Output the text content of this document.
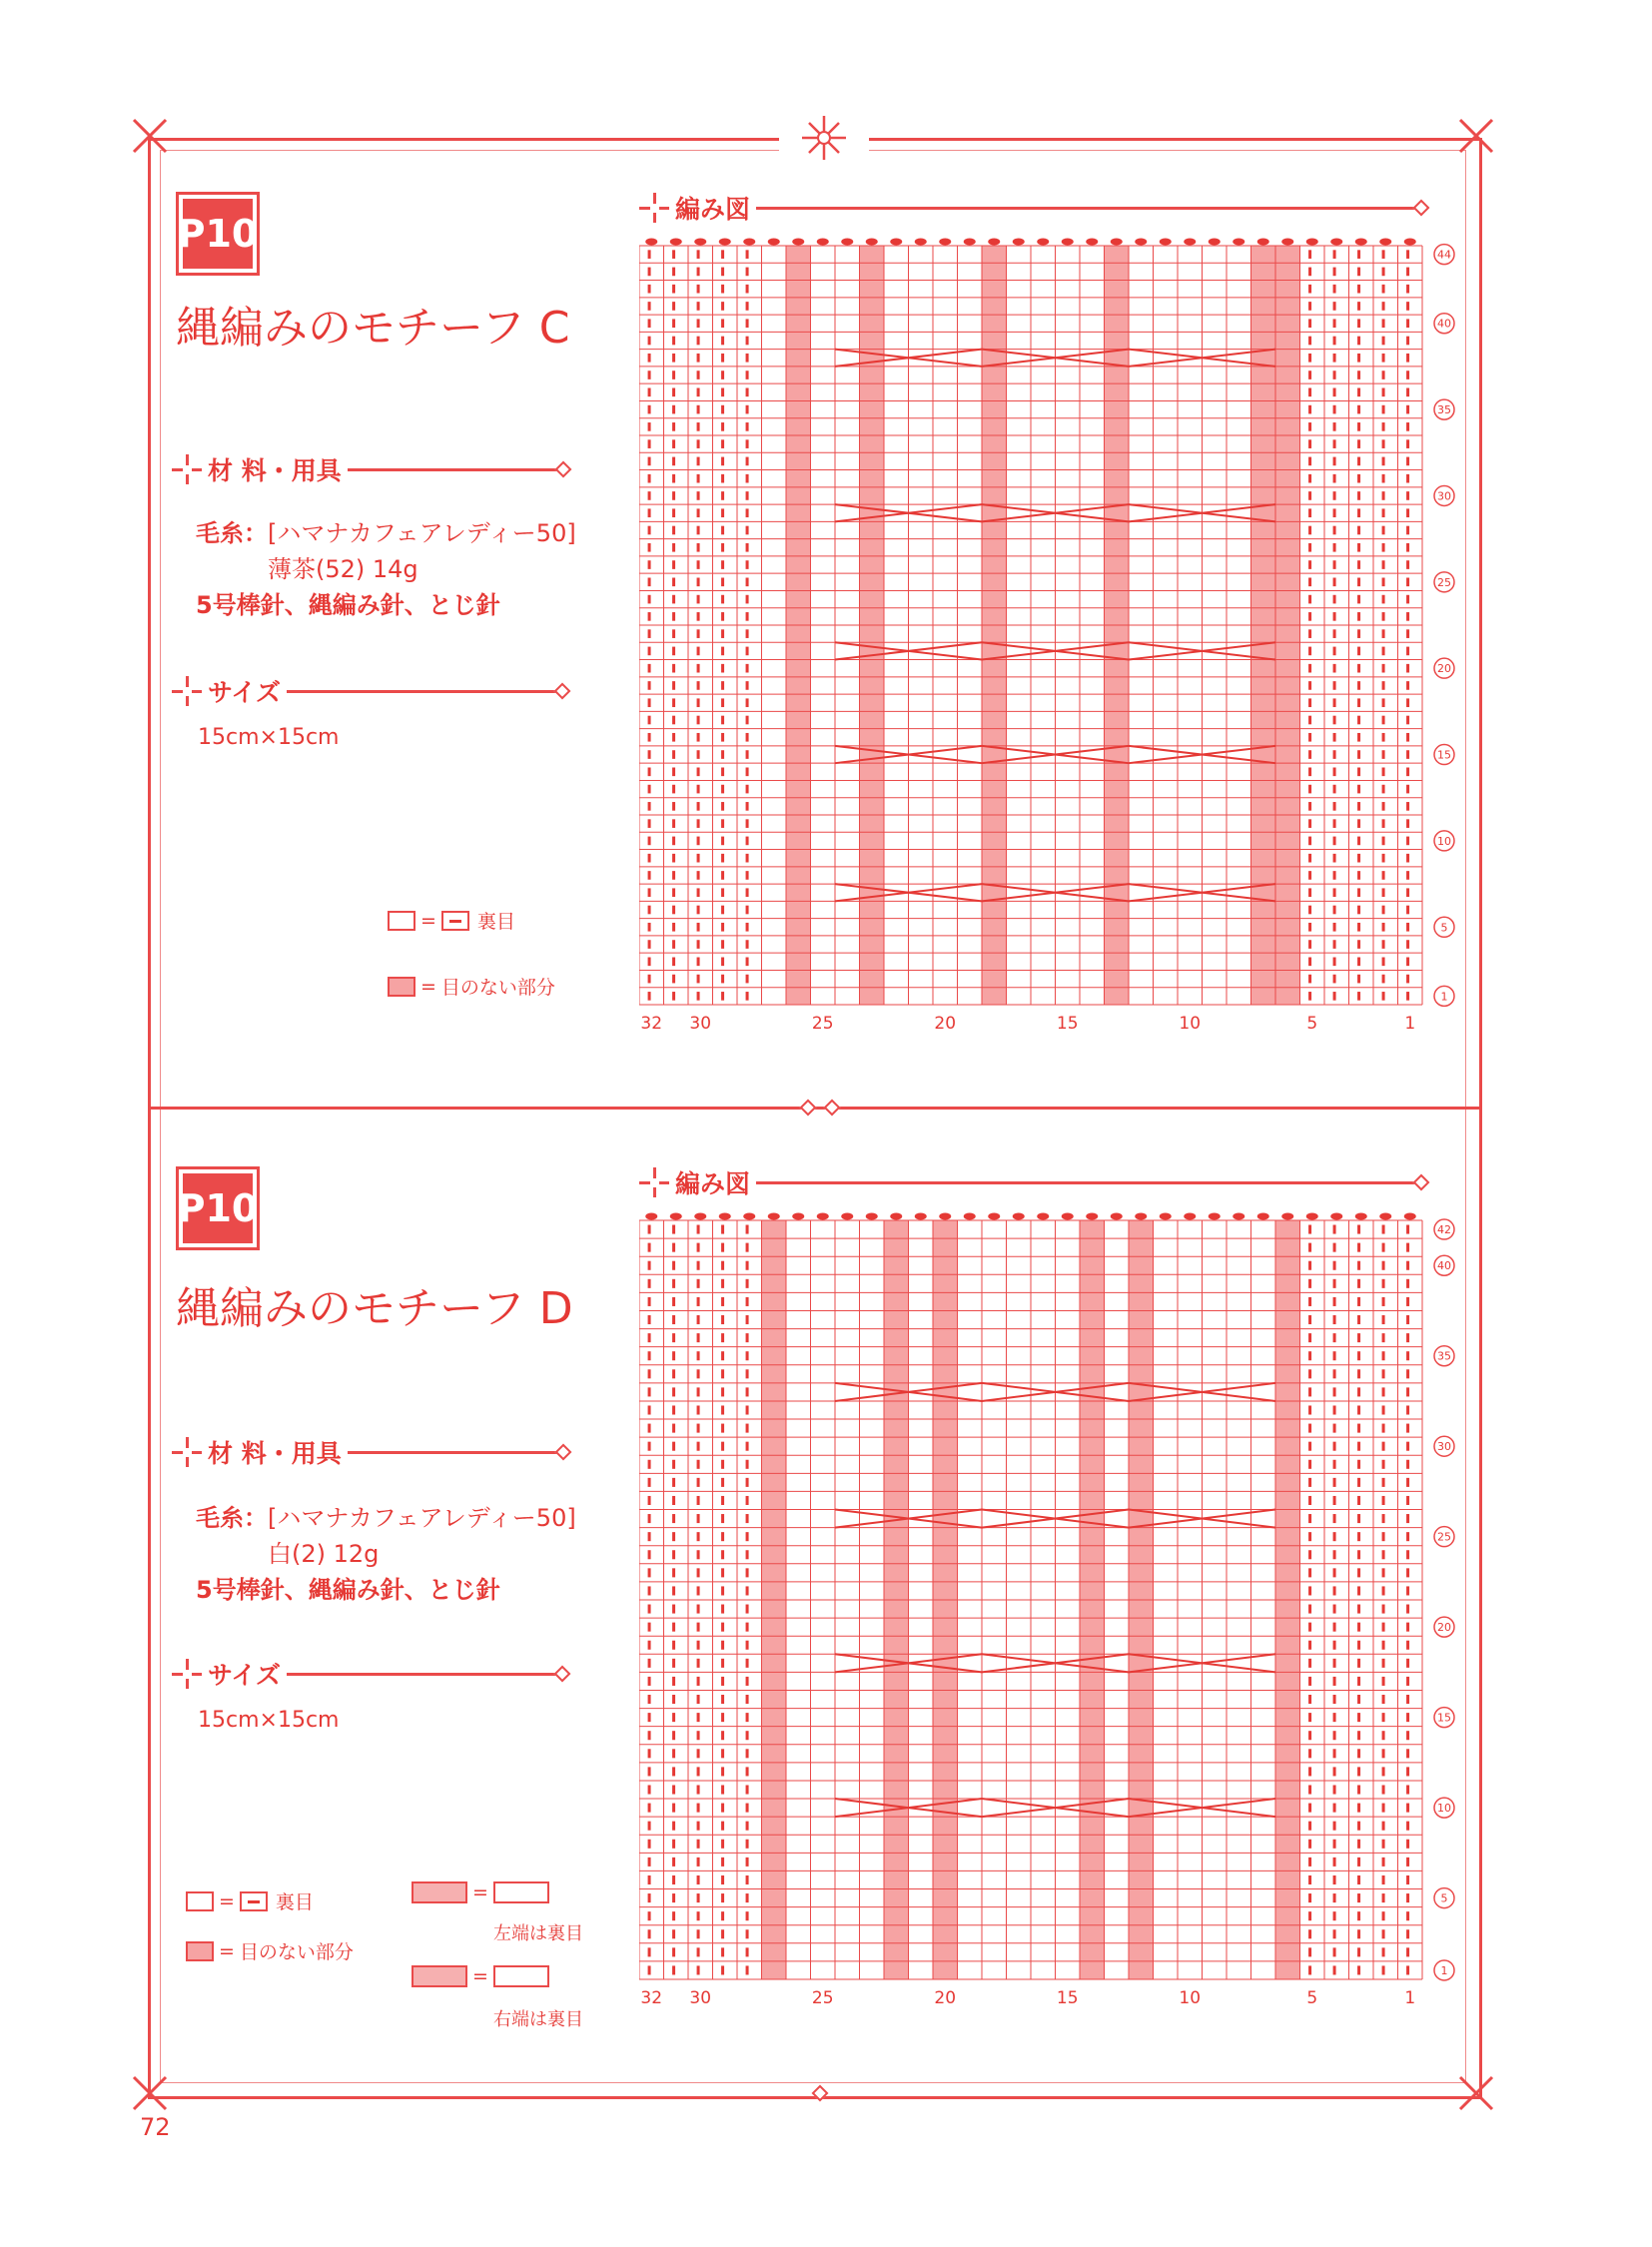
P10
縄編みのモチーフ C
材 料・用具
毛糸：[ハマナカフェアレディー50]
薄茶(52) 14g
5号棒針、縄編み針、とじ針
サイズ
15cm×15cm
= 裏目
= 目のない部分
編み図
32 30	25	20	15	10	5	1
44
40
35
30
25
20
15
10
5
1
P10
縄編みのモチーフ D
材 料・用具
毛糸：[ハマナカフェアレディー50]
白(2) 12g
5号棒針、縄編み針、とじ針
サイズ
15cm×15cm
= 裏目
= 目のない部分
=
左端は裏目
=
右端は裏目
編み図
32 30	25	20	15	10	5	1
42
40
35
30
25
20
15
10
5
1
72
